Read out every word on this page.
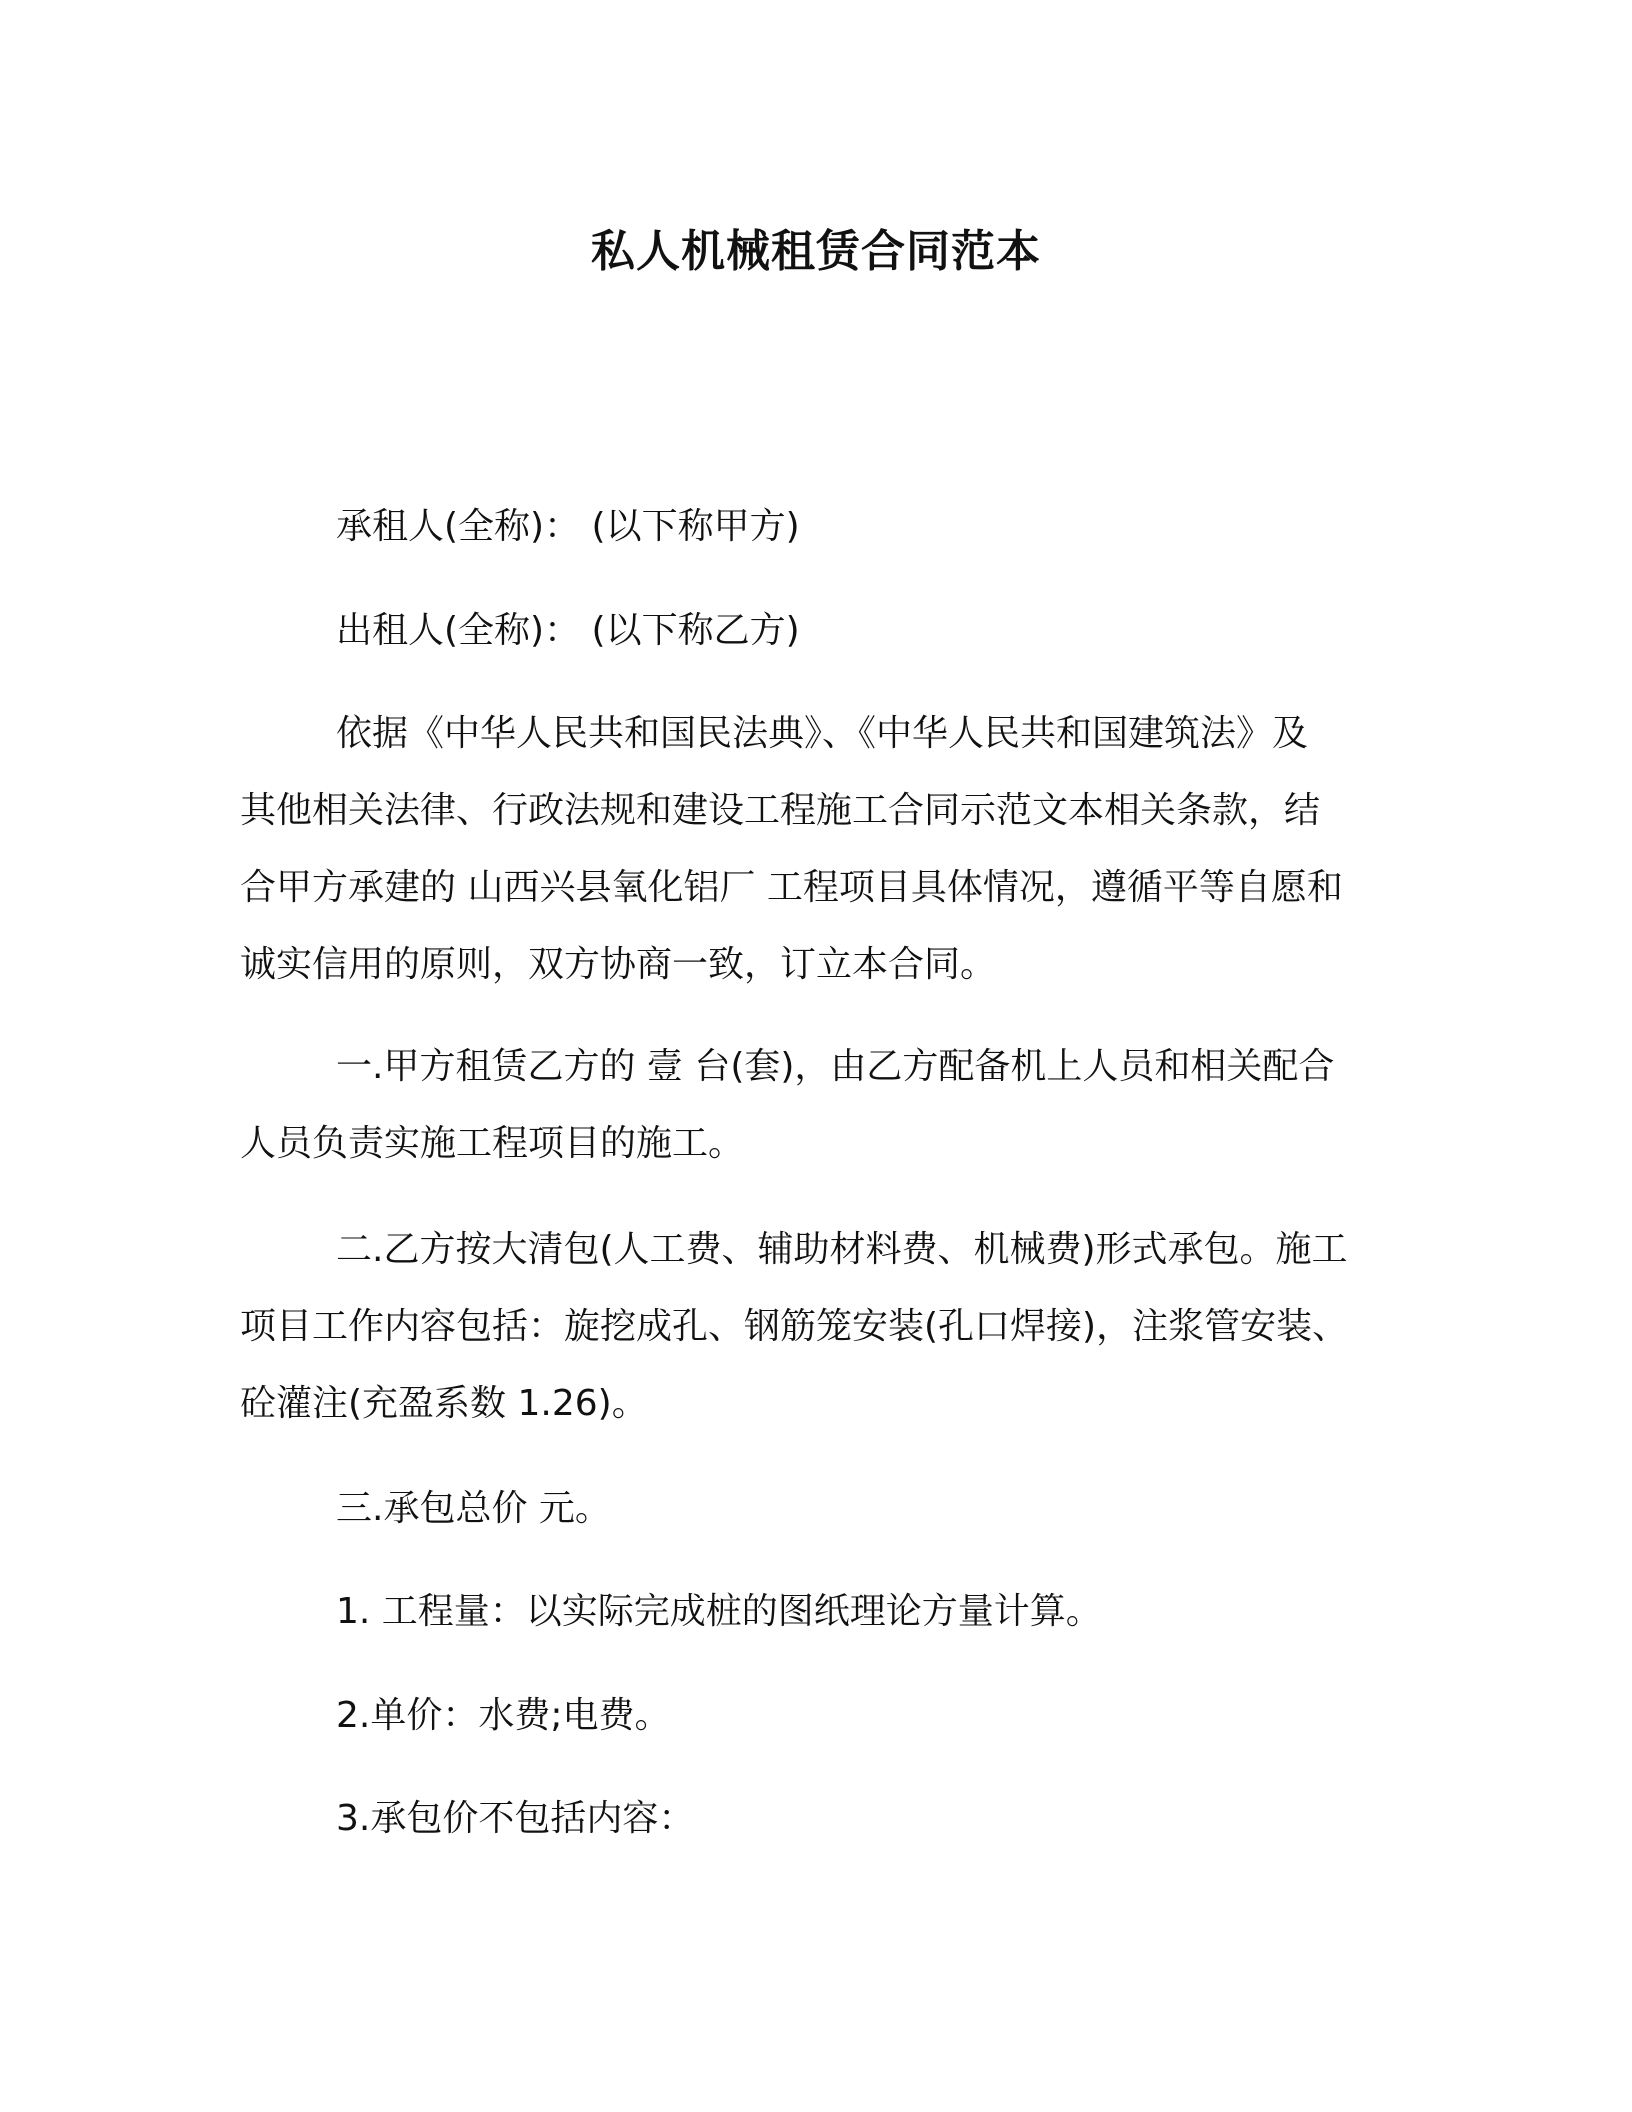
私人机械租赁合同范本

承租人(全称)： (以下称甲方)

出租人(全称)： (以下称乙方)

依据《中华人民共和国民法典》、《中华人民共和国建筑法》及
其他相关法律、行政法规和建设工程施工合同示范文本相关条款，结
合甲方承建的 山西兴县氧化铝厂 工程项目具体情况，遵循平等自愿和
诚实信用的原则，双方协商一致，订立本合同。
一.甲方租赁乙方的 壹 台(套)，由乙方配备机上人员和相关配合
人员负责实施工程项目的施工。
二.乙方按大清包(人工费、辅助材料费、机械费)形式承包。施工
项目工作内容包括：旋挖成孔、钢筋笼安装(孔口焊接)，注浆管安装、
砼灌注(充盈系数 1.26)。

三.承包总价 元。

1. 工程量：以实际完成桩的图纸理论方量计算。

2.单价：水费;电费。

3.承包价不包括内容：
